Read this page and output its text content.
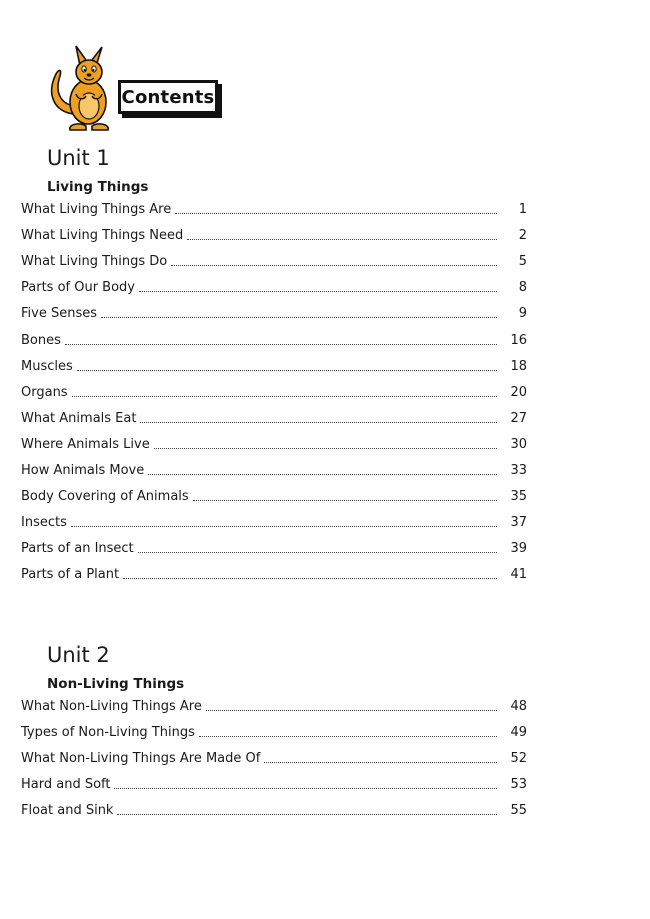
Contents
Unit 1
Living Things
What Living Things Are	1
What Living Things Need	2
What Living Things Do	5
Parts of Our Body	8
Five Senses	9
Bones	16
Muscles	18
Organs	20
What Animals Eat	27
Where Animals Live	30
How Animals Move	33
Body Covering of Animals	35
Insects	37
Parts of an Insect	39
Parts of a Plant	41
Unit 2
Non-Living Things
What Non-Living Things Are	48
Types of Non-Living Things	49
What Non-Living Things Are Made Of	52
Hard and Soft	53
Float and Sink	55
